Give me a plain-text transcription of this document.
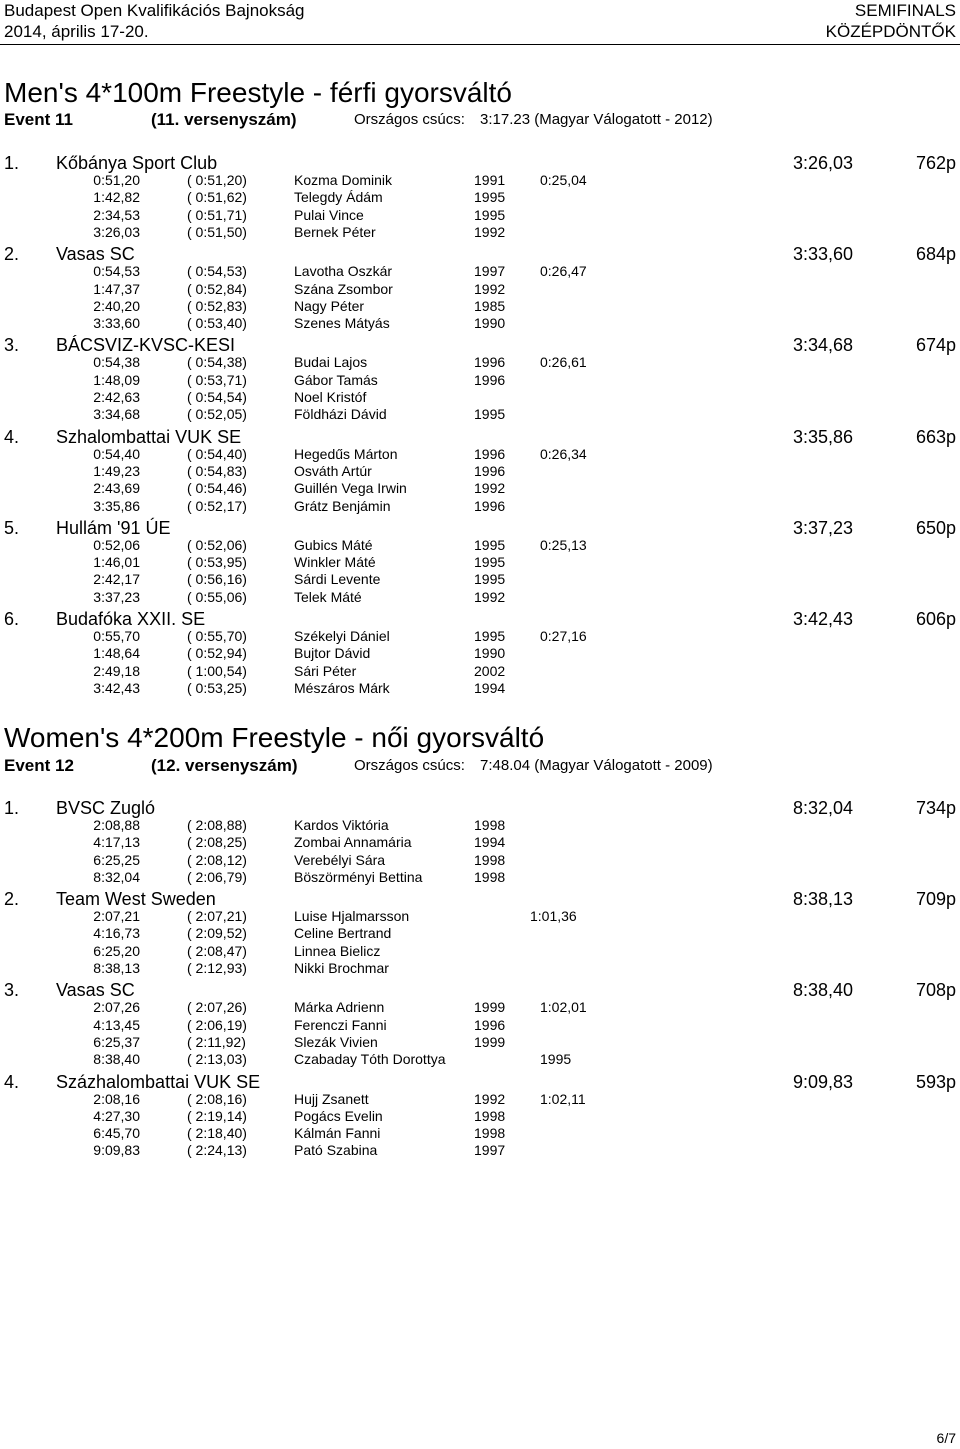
Budapest Open Kvalifikációs Bajnokság
2014, április 17-20.
SEMIFINALS
KÖZÉPDÖNTŐK
Men's 4*100m Freestyle - férfi gyorsváltó
Event 11	(11. versenyszám)	Országos csúcs: 3:17.23 (Magyar Válogatott - 2012)
1. Kőbánya Sport Club	3:26,03	762p
0:51,20	( 0:51,20)	Kozma Dominik	1991 0:25,04
1:42,82	( 0:51,62)	Telegdy Ádám	1995
2:34,53	( 0:51,71)	Pulai Vince	1995
3:26,03	( 0:51,50)	Bernek Péter	1992
2. Vasas SC	3:33,60	684p
0:54,53	( 0:54,53)	Lavotha Oszkár	1997 0:26,47
1:47,37	( 0:52,84)	Szána Zsombor	1992
2:40,20	( 0:52,83)	Nagy Péter	1985
3:33,60	( 0:53,40)	Szenes Mátyás	1990
3. BÁCSVIZ-KVSC-KESI	3:34,68	674p
0:54,38	( 0:54,38)	Budai Lajos	1996 0:26,61
1:48,09	( 0:53,71)	Gábor Tamás	1996
2:42,63	( 0:54,54)	Noel Kristóf
3:34,68	( 0:52,05)	Földházi Dávid	1995
4. Szhalombattai VUK SE	3:35,86	663p
0:54,40	( 0:54,40)	Hegedűs Márton	1996 0:26,34
1:49,23	( 0:54,83)	Osváth Artúr	1996
2:43,69	( 0:54,46)	Guillén Vega Irwin	1992
3:35,86	( 0:52,17)	Grátz Benjámin	1996
5. Hullám '91 ÚE	3:37,23	650p
0:52,06	( 0:52,06)	Gubics Máté	1995 0:25,13
1:46,01	( 0:53,95)	Winkler Máté	1995
2:42,17	( 0:56,16)	Sárdi Levente	1995
3:37,23	( 0:55,06)	Telek Máté	1992
6. Budafóka XXII. SE	3:42,43	606p
0:55,70	( 0:55,70)	Székelyi Dániel	1995 0:27,16
1:48,64	( 0:52,94)	Bujtor Dávid	1990
2:49,18	( 1:00,54)	Sári Péter	2002
3:42,43	( 0:53,25)	Mészáros Márk	1994
Women's 4*200m Freestyle - női gyorsváltó
Event 12	(12. versenyszám)	Országos csúcs: 7:48.04 (Magyar Válogatott - 2009)
1. BVSC Zugló	8:32,04	734p
2:08,88	( 2:08,88)	Kardos Viktória	1998
4:17,13	( 2:08,25)	Zombai Annamária	1994
6:25,25	( 2:08,12)	Verebélyi Sára	1998
8:32,04	( 2:06,79)	Böszörményi Bettina	1998
2. Team West Sweden	8:38,13	709p
2:07,21	( 2:07,21)	Luise Hjalmarsson	1:01,36
4:16,73	( 2:09,52)	Celine Bertrand
6:25,20	( 2:08,47)	Linnea Bielicz
8:38,13	( 2:12,93)	Nikki Brochmar
3. Vasas SC	8:38,40	708p
2:07,26	( 2:07,26)	Márka Adrienn	1999 1:02,01
4:13,45	( 2:06,19)	Ferenczi Fanni	1996
6:25,37	( 2:11,92)	Slezák Vivien	1999
8:38,40	( 2:13,03)	Czabaday Tóth Dorottya	1995
4. Százhalombattai VUK SE	9:09,83	593p
2:08,16	( 2:08,16)	Hujj Zsanett	1992 1:02,11
4:27,30	( 2:19,14)	Pogács Evelin	1998
6:45,70	( 2:18,40)	Kálmán Fanni	1998
9:09,83	( 2:24,13)	Pató Szabina	1997
6/7
